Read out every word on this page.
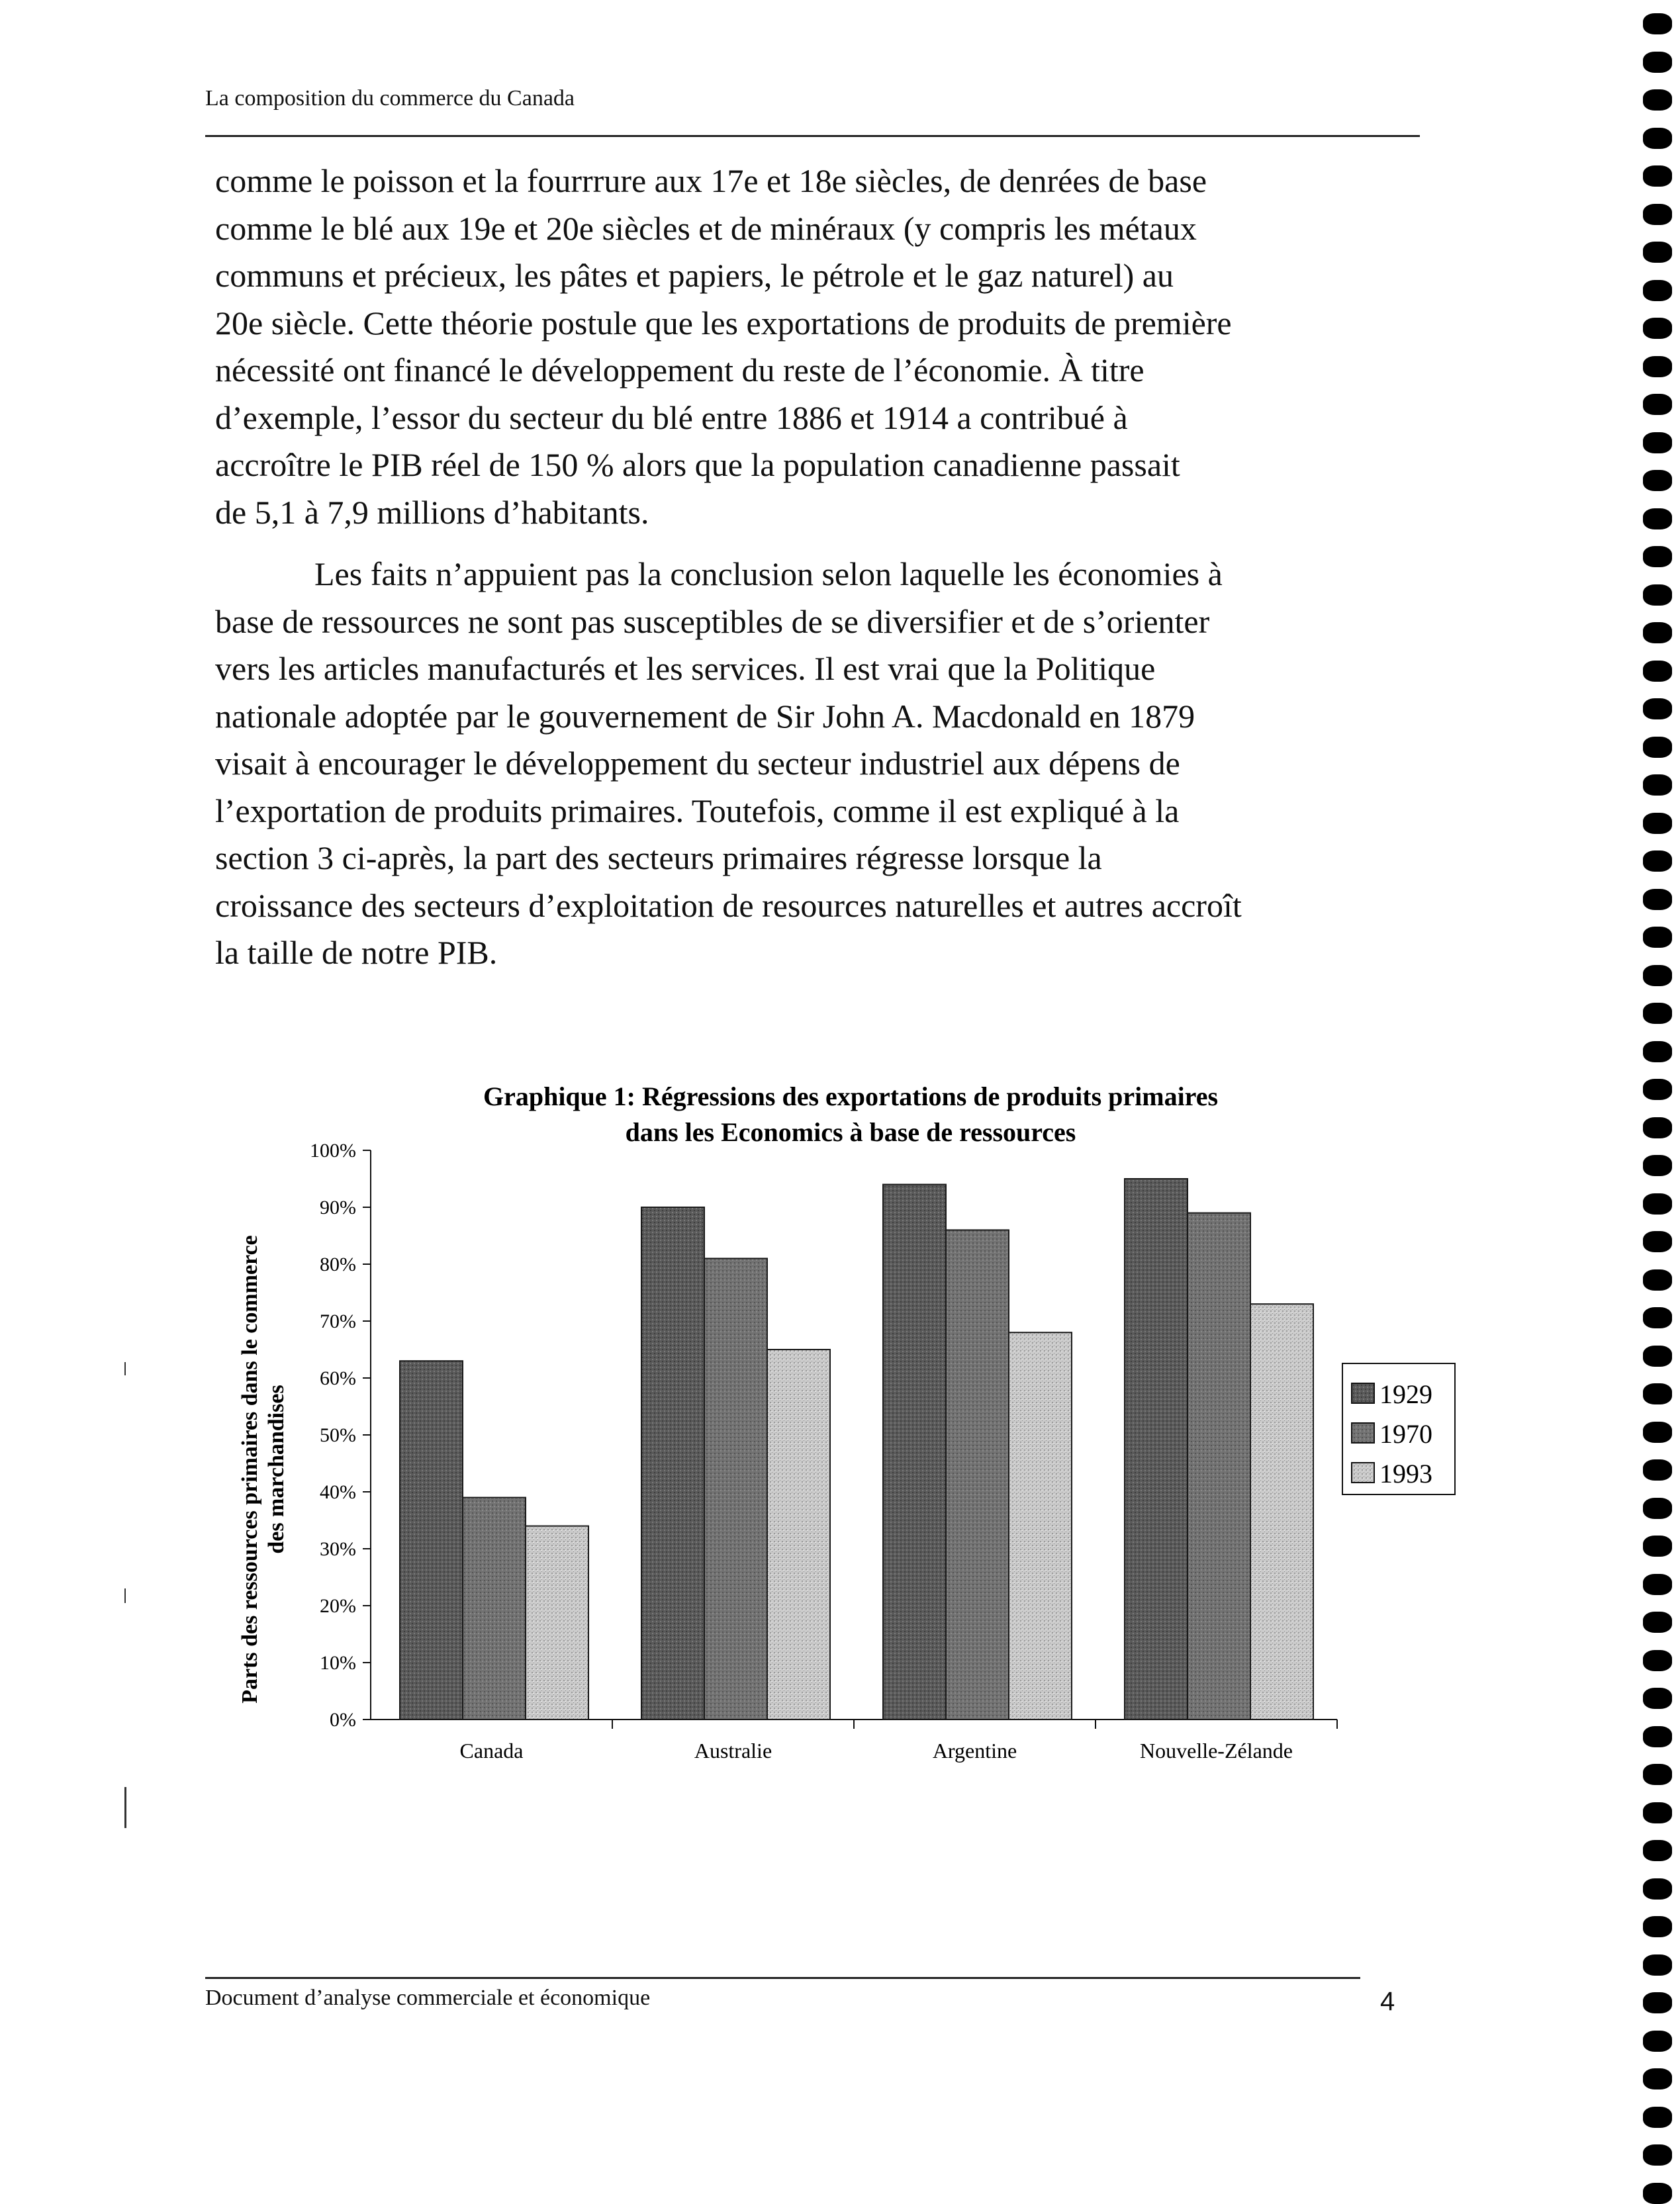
La composition du commerce du Canada
comme le poisson et la fourrrure aux 17e et 18e siècles, de denrées de base
comme le blé aux 19e et 20e siècles et de minéraux (y compris les métaux
communs et précieux, les pâtes et papiers, le pétrole et le gaz naturel) au
20e siècle. Cette théorie postule que les exportations de produits de première
nécessité ont financé le développement du reste de l’économie. À titre
d’exemple, l’essor du secteur du blé entre 1886 et 1914 a contribué à
accroître le PIB réel de 150 % alors que la population canadienne passait
de 5,1 à 7,9 millions d’habitants.
Les faits n’appuient pas la conclusion selon laquelle les économies à
base de ressources ne sont pas susceptibles de se diversifier et de s’orienter
vers les articles manufacturés et les services. Il est vrai que la Politique
nationale adoptée par le gouvernement de Sir John A. Macdonald en 1879
visait à encourager le développement du secteur industriel aux dépens de
l’exportation de produits primaires. Toutefois, comme il est expliqué à la
section 3 ci-après, la part des secteurs primaires régresse lorsque la
croissance des secteurs d’exploitation de resources naturelles et autres accroît
la taille de notre PIB.
Graphique 1: Régressions des exportations de produits primaires
dans les Economics à base de ressources
Parts des ressources primaires dans le commerce des marchandises
0%
10%
20%
30%
40%
50%
60%
70%
80%
90%
100%
Canada	Australie	Argentine	Nouvelle-Zélande
1929
1970
1993
Document d’analyse commerciale et économique	4
